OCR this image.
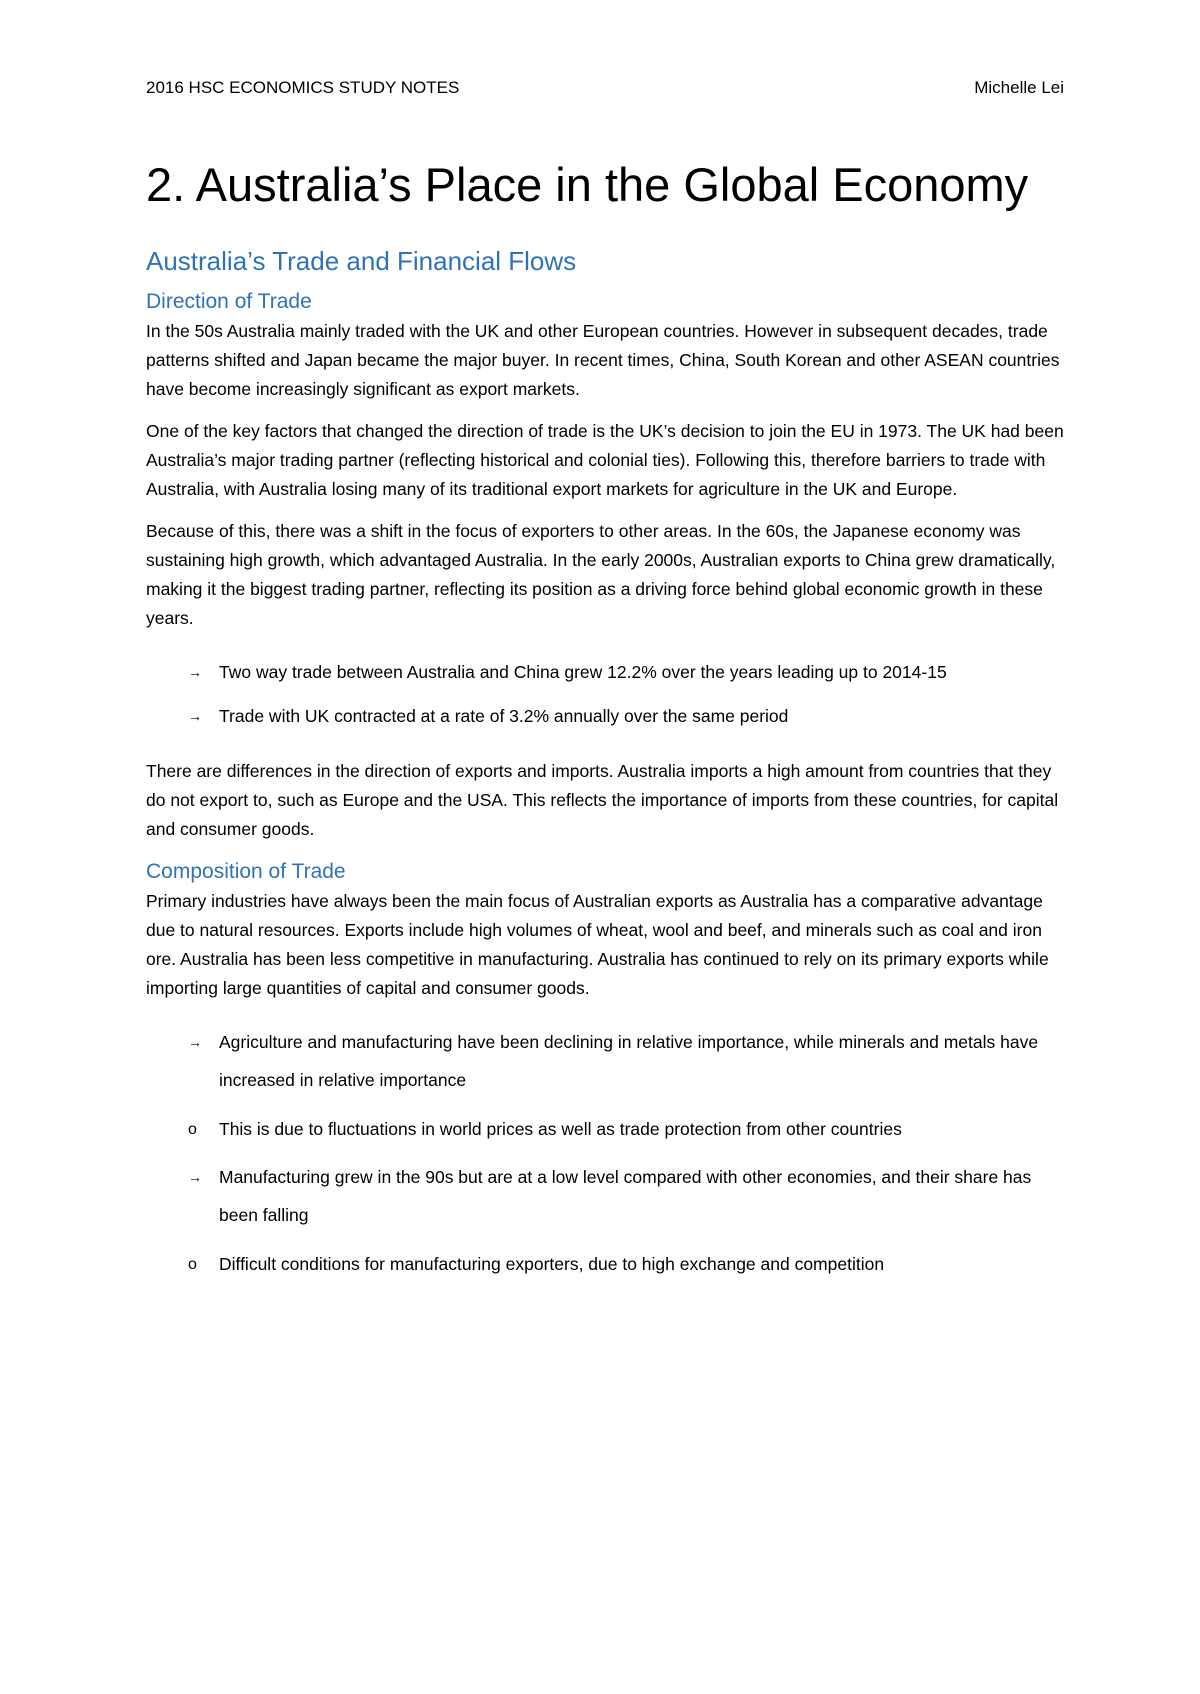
2016 HSC ECONOMICS STUDY NOTES	Michelle Lei
2. Australia’s Place in the Global Economy
Australia’s Trade and Financial Flows
Direction of Trade

In the 50s Australia mainly traded with the UK and other European countries. However in subsequent decades, trade patterns shifted and Japan became the major buyer. In recent times, China, South Korean and other ASEAN countries have become increasingly significant as export markets.

One of the key factors that changed the direction of trade is the UK’s decision to join the EU in 1973. The UK had been Australia’s major trading partner (reflecting historical and colonial ties). Following this, therefore barriers to trade with Australia, with Australia losing many of its traditional export markets for agriculture in the UK and Europe.

Because of this, there was a shift in the focus of exporters to other areas. In the 60s, the Japanese economy was sustaining high growth, which advantaged Australia. In the early 2000s, Australian exports to China grew dramatically, making it the biggest trading partner, reflecting its position as a driving force behind global economic growth in these years.

→ Two way trade between Australia and China grew 12.2% over the years leading up to 2014-15
→ Trade with UK contracted at a rate of 3.2% annually over the same period

There are differences in the direction of exports and imports. Australia imports a high amount from countries that they do not export to, such as Europe and the USA. This reflects the importance of imports from these countries, for capital and consumer goods.

Composition of Trade

Primary industries have always been the main focus of Australian exports as Australia has a comparative advantage due to natural resources. Exports include high volumes of wheat, wool and beef, and minerals such as coal and iron ore. Australia has been less competitive in manufacturing. Australia has continued to rely on its primary exports while importing large quantities of capital and consumer goods.

→ Agriculture and manufacturing have been declining in relative importance, while minerals and metals have increased in relative importance
o This is due to fluctuations in world prices as well as trade protection from other countries
→ Manufacturing grew in the 90s but are at a low level compared with other economies, and their share has been falling
o Difficult conditions for manufacturing exporters, due to high exchange and competition
